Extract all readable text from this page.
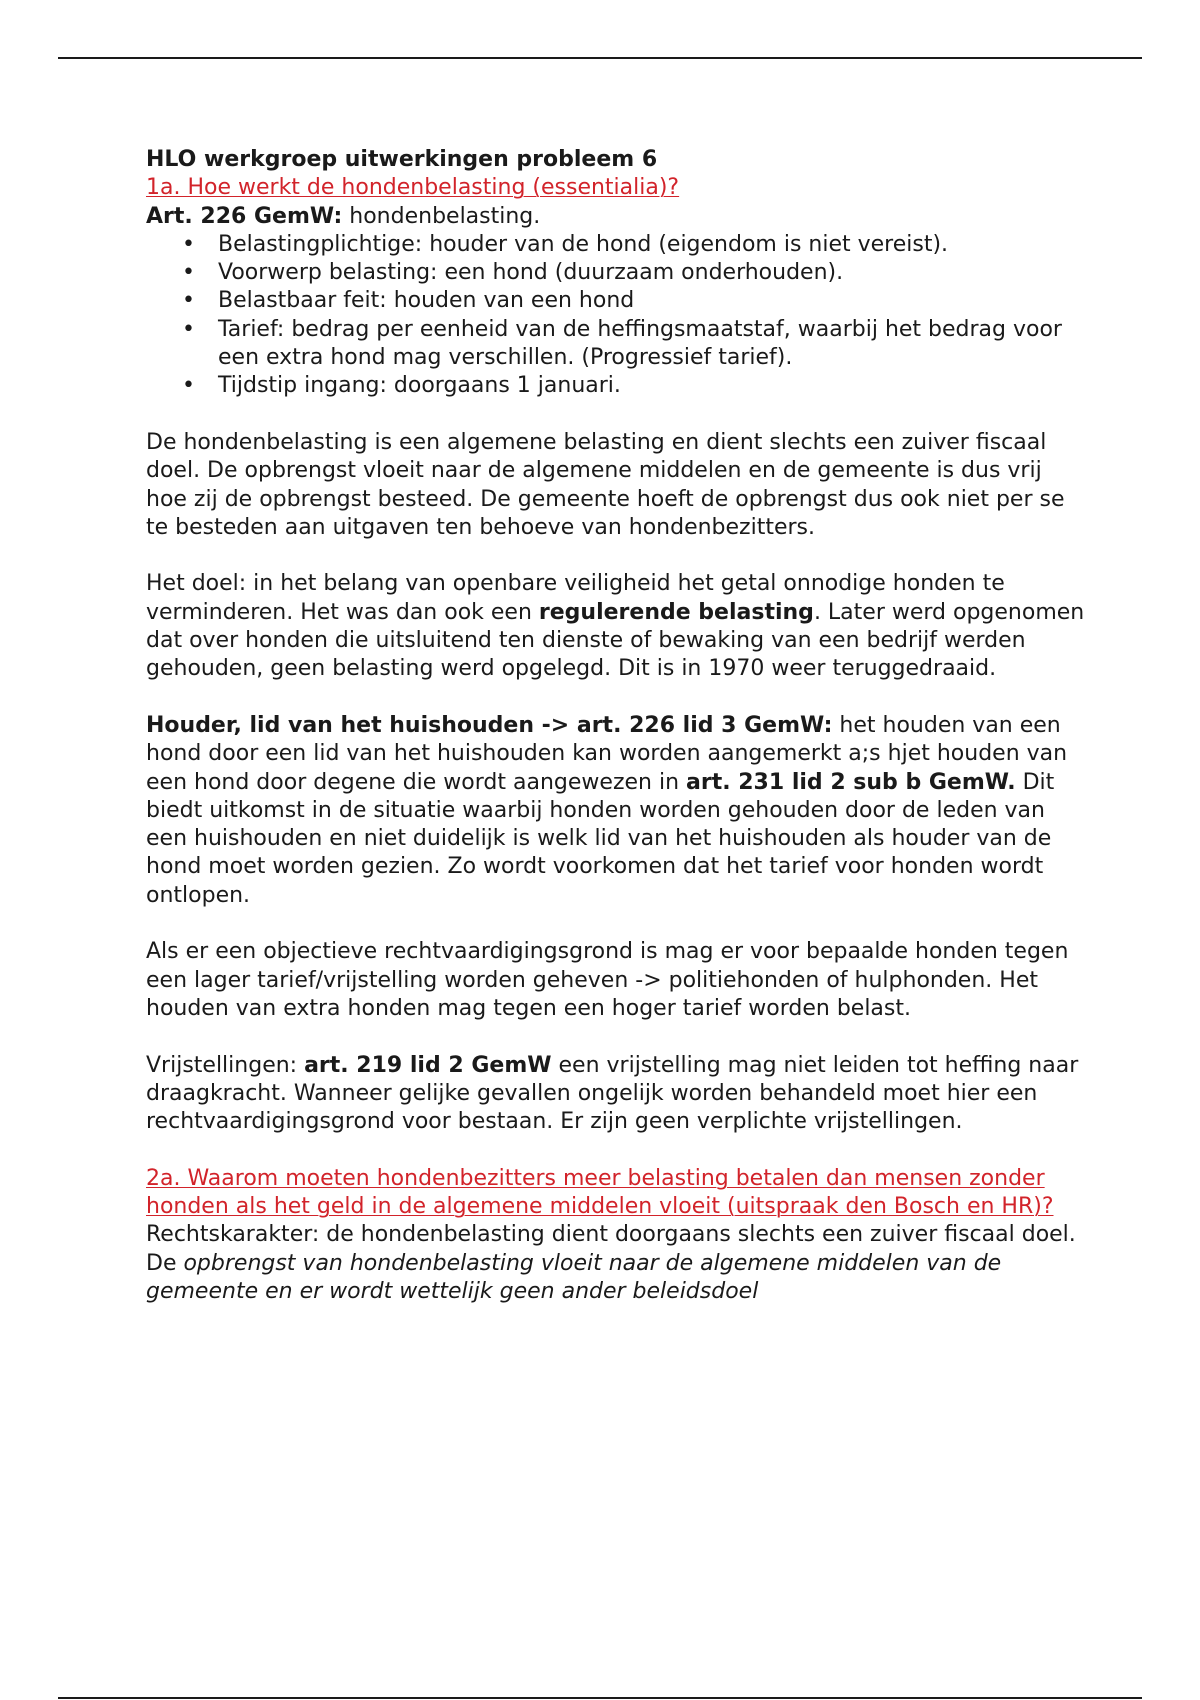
HLO werkgroep uitwerkingen probleem 6

1a. Hoe werkt de hondenbelasting (essentialia)?

Art. 226 GemW: hondenbelasting.

• Belastingplichtige: houder van de hond (eigendom is niet vereist).
• Voorwerp belasting: een hond (duurzaam onderhouden).
• Belastbaar feit: houden van een hond
• Tarief: bedrag per eenheid van de heffingsmaatstaf, waarbij het bedrag voor een extra hond mag verschillen. (Progressief tarief).
• Tijdstip ingang: doorgaans 1 januari.

De hondenbelasting is een algemene belasting en dient slechts een zuiver fiscaal doel. De opbrengst vloeit naar de algemene middelen en de gemeente is dus vrij hoe zij de opbrengst besteed. De gemeente hoeft de opbrengst dus ook niet per se te besteden aan uitgaven ten behoeve van hondenbezitters.

Het doel: in het belang van openbare veiligheid het getal onnodige honden te verminderen. Het was dan ook een regulerende belasting. Later werd opgenomen dat over honden die uitsluitend ten dienste of bewaking van een bedrijf werden gehouden, geen belasting werd opgelegd. Dit is in 1970 weer teruggedraaid.

Houder, lid van het huishouden -> art. 226 lid 3 GemW: het houden van een hond door een lid van het huishouden kan worden aangemerkt a;s hjet houden van een hond door degene die wordt aangewezen in art. 231 lid 2 sub b GemW. Dit biedt uitkomst in de situatie waarbij honden worden gehouden door de leden van een huishouden en niet duidelijk is welk lid van het huishouden als houder van de hond moet worden gezien. Zo wordt voorkomen dat het tarief voor honden wordt ontlopen.

Als er een objectieve rechtvaardigingsgrond is mag er voor bepaalde honden tegen een lager tarief/vrijstelling worden geheven -> politiehonden of hulphonden. Het houden van extra honden mag tegen een hoger tarief worden belast.

Vrijstellingen: art. 219 lid 2 GemW een vrijstelling mag niet leiden tot heffing naar draagkracht. Wanneer gelijke gevallen ongelijk worden behandeld moet hier een rechtvaardigingsgrond voor bestaan. Er zijn geen verplichte vrijstellingen.

2a. Waarom moeten hondenbezitters meer belasting betalen dan mensen zonder honden als het geld in de algemene middelen vloeit (uitspraak den Bosch en HR)?

Rechtskarakter: de hondenbelasting dient doorgaans slechts een zuiver fiscaal doel. De opbrengst van hondenbelasting vloeit naar de algemene middelen van de gemeente en er wordt wettelijk geen ander beleidsdoel
